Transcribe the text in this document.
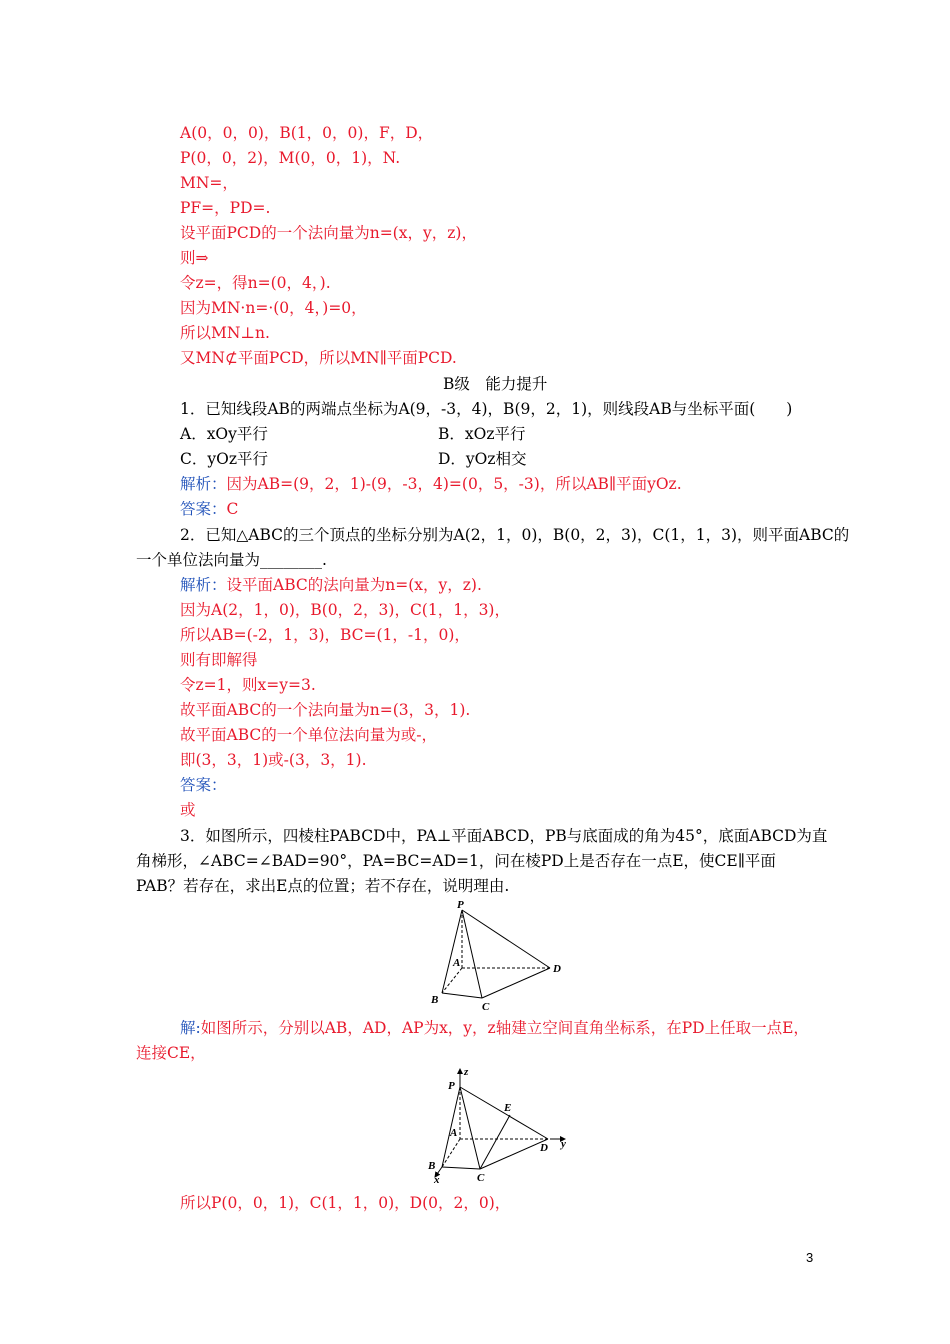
A(0，0，0)，B(1，0，0)，F，D，
P(0，0，2)，M(0，0，1)，N.
MN=，
PF=，PD=.
设平面PCD的一个法向量为n=(x，y，z)，
则⇒
令z=，得n=(0，4，).
因为MN·n=·(0，4，)=0，
所以MN⊥n.
又MN⊄平面PCD，所以MN∥平面PCD.
B级　能力提升
1．已知线段AB的两端点坐标为A(9，-3，4)，B(9，2，1)，则线段AB与坐标平面(　　)
A．xOy平行	B．xOz平行
C．yOz平行	D．yOz相交
解析：因为AB=(9，2，1)-(9，-3，4)=(0，5，-3)，所以AB∥平面yOz.
答案：C
2．已知△ABC的三个顶点的坐标分别为A(2，1，0)，B(0，2，3)，C(1，1，3)，则平面ABC的
一个单位法向量为________.
解析：设平面ABC的法向量为n=(x，y，z).
因为A(2，1，0)，B(0，2，3)，C(1，1，3)，
所以AB=(-2，1，3)，BC=(1，-1，0)，
则有即解得
令z=1，则x=y=3.
故平面ABC的一个法向量为n=(3，3，1).
故平面ABC的一个单位法向量为或-，
即(3，3，1)或-(3，3，1).
答案：
或
3．如图所示，四棱柱PABCD中，PA⊥平面ABCD，PB与底面成的角为45°，底面ABCD为直
角梯形，∠ABC=∠BAD=90°，PA=BC=AD=1，问在棱PD上是否存在一点E，使CE∥平面
PAB？若存在，求出E点的位置；若不存在，说明理由.
P
A
B
C
D
解:如图所示，分别以AB，AD，AP为x，y，z轴建立空间直角坐标系，在PD上任取一点E，
连接CE，
z
P
A
B
x	C
D y
E
所以P(0，0，1)，C(1，1，0)，D(0，2，0)，
3
